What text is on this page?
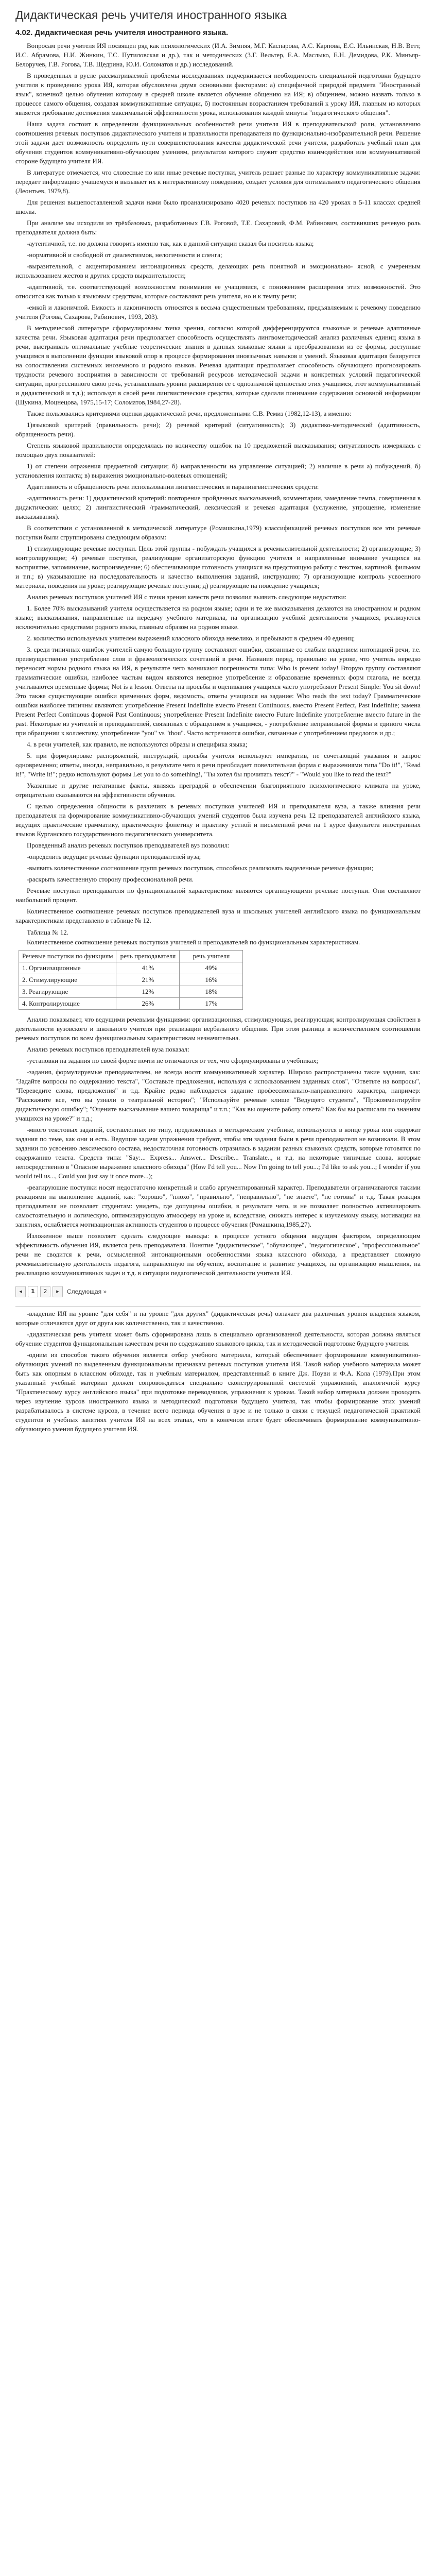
Дидактическая речь учителя иностранного языка
4.02. Дидактическая речь учителя иностранного языка.

Вопросам речи учителя ИЯ посвящен ряд как психологических (И.А. Зимняя, М.Г. Каспарова, А.С. Карпова, Е.С. Ильинская, Н.В. Ветт, И.С. Абрамова, Н.И. Жинкин, Т.С. Путиловская и др.), так и методических (З.Г. Вельтер, Е.А. Маслыко, Е.Н. Демидова, Р.К. Минъяр-Белоручев, Г.В. Рогова, Т.В. Щедрина, Ю.И. Соломатов и др.) исследований.

В проведенных в русле рассматриваемой проблемы исследованиях подчеркивается необходимость специальной подготовки будущего учителя к проведению урока ИЯ, которая обусловлена двумя основными факторами: а) специфичной природой предмета "Иностранный язык", конечной целью обучения которому в средней школе является обучение общению на ИЯ; в) общением, можно назвать только в процессе самого общения, создавая коммуникативные ситуации, б) постоянным возрастанием требований к уроку ИЯ, главным из которых является требование достижения максимальной эффективности урока, использования каждой минуты "педагогического общения".

Наша задача состоит в определении функциональных особенностей речи учителя ИЯ в преподавательской роли, установлению соотношения речевых поступков дидактического учителя и правильности преподавателя по функционально-изобразительной речи. Решение этой задачи дает возможность определить пути совершенствования качества дидактической речи учителя, разработать учебный план для обучения студентов коммуникативно-обучающим умениям, результатом которого служит средство взаимодействия или коммуникативной стороне будущего учителя ИЯ.

В литературе отмечается, что словесные по или иные речевые поступки, учитель решает разные по характеру коммуникативные задачи: передает информацию учащемуся и вызывает их к интерактивному поведению, создает условия для оптимального педагогического общения (Леонтьев, 1979,8).

Для решения вышепоставленной задачи нами было проанализировано 4020 речевых поступков на 420 уроках в 5-11 классах средней школы.

При анализе мы исходили из трёхбазовых, разработанных Г.В. Роговой, Т.Е. Сахаровой, Ф.М. Рабинович, составивших речевую роль преподавателя должна быть:

-аутентичной, т.е. по должна говорить именно так, как в данной ситуации сказал бы носитель языка;

-нормативной и свободной от диалектизмов, нелогичности и сленга;

-выразительной, с акцентированием интонационных средств, делающих речь понятной и эмоционально- ясной, с умеренным использованием жестов и других средств выразительности;

-адаптивной, т.е. соответствующей возможностям понимания ее учащимися, с понижением расширения этих возможностей. Это относится как только к языковым средствам, которые составляют речь учителя, но и к темпу речи;

-емкой и лаконичной. Емкость и лаконичность относятся к весьма существенным требованиям, предъявляемым к речевому поведению учителя (Рогова, Сахарова, Рабинович, 1993, 203).

В методической литературе сформулированы точка зрения, согласно которой дифференцируются языковые и речевые адаптивные качества речи. Языковая адаптация речи предполагает способность осуществлять лингвометодический анализ различных единиц языка в речи, выстраивать оптимальные учебные теоретические знания в данных языковые языки к преобразованиям из ее формы, доступные учащимся в выполнении функции языковой опор в процессе формирования иноязычных навыков и умений. Языковая адаптация базируется на сопоставлении системных иноземного и родного языков. Речевая адаптация предполагает способность обучающего прогнозировать трудности речевого восприятия в зависимости от требований ресурсов методической задачи и конкретных условий педагогической ситуации, прогрессивного свою речь, устанавливать уровни расширения ее с однозначной ценностью этих учащимся, этот коммуникативный и дидактический и т.д.); используя в своей речи лингвистические средства, которые сделали понимание содержания основной информации (Щукина, Моцнецова, 1975,15-17; Соломатов,1984,27-28).

Также пользовались критериями оценки дидактической речи, предложенными С.В. Ремиз (1982,12-13), а именно:

1)языковой критерий (правильность речи); 2) речевой критерий (ситуативность); 3) дидактико-методический (адаптивность, обращенность речи).

Степень языковой правильности определялась по количеству ошибок на 10 предложений высказывания; ситуативность измерялась с помощью двух показателей:

1) от степени отражения предметной ситуации; б) направленности на управление ситуацией; 2) наличие в речи а) побуждений, б) установления контакта; в) выражения эмоционально-волевых отношений;

Адаптивность и обращенность речи использовании лингвистических и паралингвистических средств:

-адаптивность речи: 1) дидактический критерий: повторение пройденных высказываний, комментарии, замедление темпа, совершенная в дидактических целях; 2) лингвистический /грамматический, лексический и речевая адаптация (услужение, упрощение, изменение высказывания).

В соответствии с установленной в методической литературе (Ромашкина,1979) классификацией речевых поступков все эти речевые поступки были сгруппированы следующим образом:

1) стимулирующие речевые поступки. Цель этой группы - побуждать учащихся к речемыслительной деятельности; 2) организующие; 3) контролирующие; 4) речевые поступки, реализующие организаторскую функцию учителя и направленные внимание учащихся на восприятие, запоминание, воспроизведение; 6) обеспечивающие готовность учащихся на предстоящую работу с текстом, картиной, фильмом и т.п.; в) указывающие на последовательность и качество выполнения заданий, инструкцию; 7) организующие контроль усвоенного материала, поведения на уроке; реагирующие речевые поступки; д) реагирующие на поведение учащихся;

Анализ речевых поступков учителей ИЯ с точки зрения качеств речи позволил выявить следующие недостатки:

1. Более 70% высказываний учителя осуществляется на родном языке; одни и те же высказывания делаются на иностранном и родном языке; высказывания, направленные на передачу учебного материала, на организацию учебной деятельности учащихся, реализуются исключительно средствами родного языка, главным образом на родном языке.

2. количество используемых учителем выражений классного обихода невелико, и пребывают в среднем 40 единиц;

3. среди типичных ошибок учителей самую большую группу составляют ошибки, связанные со слабым владением интонацией речи, т.е. преимущественно употребление слов и фразеологических сочетаний в речи. Названия перед, правильно на уроке, что учитель нередко переносит нормы родного языка на ИЯ, в результате чего возникают погрешности типа: Who is present today! Вторую группу составляют грамматические ошибки, наиболее частым видом являются неверное употребление и образование временных форм глагола, не всегда учитываются временные формы; Not is a lesson. Ответы на просьбы и оценивания учащихся часто употребляют Present Simple: You sit down! Это также существующие ошибки временных форм, ведомость, ответы учащихся на задание: Who reads the text today? Грамматические ошибки наиболее типичны являются: употребление Present Indefinite вместо Present Continuous, вместо Present Perfect, Past Indefinite; замена Present Perfect Continuous формой Past Continuous; употребление Present Indefinite вместо Future Indefinite употребление вместо future in the past. Некоторые из учителей и преподавателей, связанных с обращением к учащимся, - употребление неправильной формы и единого числа при обращении к коллективу, употребление "you" vs "thou". Часто встречаются ошибки, связанные с употреблением предлогов и др.;

4. в речи учителей, как правило, не используются образы и специфика языка;

5. при формулировке распоряжений, инструкций, просьбы учителя используют императив, не сочетающий указания и запрос одновременно; ответы, иногда, неправильно, в результате чего в речи преобладает повелительная форма с выражениями типа "Do it!", "Read it!", "Write it!"; редко используют формы Let you to do something!, "Ты хотел бы прочитать текст?" - "Would you like to read the text?"

Указанные и другие негативные факты, являясь преградой в обеспечении благоприятного психологического климата на уроке, отрицательно сказываются на эффективности обучения.

С целью определения общности в различиях в речевых поступков учителей ИЯ и преподавателя вуза, а также влияния речи преподавателя на формирование коммуникативно-обучающих умений студентов была изучена речь 12 преподавателей английского языка, ведущих практические грамматику, практическую фонетику и практику устной и письменной речи на 1 курсе факультета иностранных языков Курганского государственного педагогического университета.

Проведенный анализ речевых поступков преподавателей вуз позволил:

-определить ведущие речевые функции преподавателей вуза;

-выявить количественное соотношение групп речевых поступков, способных реализовать выделенные речевые функции;

-раскрыть качественную сторону профессиональной речи.

Речевые поступки преподавателя по функциональной характеристике являются организующими речевые поступки. Они составляют наибольший процент.

Количественное соотношение речевых поступков преподавателей вуза и школьных учителей английского языка по функциональным характеристикам представлено в таблице № 12.

Таблица № 12.
Количественное соотношение речевых поступков учителей и преподавателей по функциональным характеристикам.
Речевые поступки по функциям	речь преподавателя	речь учителя
1. Организационные	41%	49%
2. Стимулирующие	21%	16%
3. Реагирующие	12%	18%
4. Контролирующие	26%	17%

Анализ показывает, что ведущими речевыми функциями: организационная, стимулирующая, реагирующая; контролирующая свойствен в деятельности вузовского и школьного учителя при реализации вербального общения. При этом разница в количественном соотношении речевых поступков по всем функциональным характеристикам незначительна.

Анализ речевых поступков преподавателей вуза показал:

-установки на задания по своей форме почти не отличаются от тех, что сформулированы в учебниках;

-задания, формулируемые преподавателем, не всегда носят коммуникативный характер. Широко распространены такие задания, как: "Задайте вопросы по содержанию текста", "Составьте предложения, используя с использованием заданных слов", "Ответьте на вопросы", "Переведите слова, предложения" и т.д. Крайне редко наблюдается задание профессионально-направленного характера, например: "Расскажите все, что вы узнали о театральной истории"; "Используйте речевые клише "Ведущего студента", "Прокомментируйте дидактическую ошибку"; "Оцените высказывание вашего товарища" и т.п.; "Как вы оцените работу ответа? Как бы вы расписали по знаниям учащихся на уроке?" и т.д.;

-много текстовых заданий, составленных по типу, предложенных в методическом учебнике, используются в конце урока или содержат задания по теме, как они и есть. Ведущие задачи упражнения требуют, чтобы эти задания были в речи преподавателя не возникали. В этом задании по усвоению лексического состава, недостаточная готовность отразилась в задании разных языковых средств, которые готовятся по содержанию текста. Средств типа: "Say:... Express... Answer... Describe... Translate.., и т.д. на некоторые типичные слова, которые непосредственно в "Опасное выражение классного обихода" (How I'd tell you... Now I'm going to tell you...; I'd like to ask you...; I wonder if you would tell us..., Could you just say it once more...);

-реагирующие поступки носят недостаточно конкретный и слабо аргументированный характер. Преподаватели ограничиваются такими реакциями на выполнение заданий, как: "хорошо", "плохо", "правильно", "неправильно", "не знаете", "не готовы" и т.д. Такая реакция преподавателя не позволяет студентам: увидеть, где допущены ошибки, в результате чего, и не позволяет полностью активизировать самостоятельную и логическую, оптимизирующую атмосферу на уроке и, вследствие, снижать интерес к изучаемому языку, мотивации на занятиях, ослабляется мотивационная активность студентов в процессе обучения (Ромашкина,1985,27).

Изложенное выше позволяет сделать следующие выводы: в процессе устного общения ведущим фактором, определяющим эффективность обучения ИЯ, является речь преподавателя. Понятие "дидактическое", "обучающее", "педагогическое", "профессиональное" речи не сводится к речи, осмысленной интонационными особенностями языка классного обихода, а представляет сложную речемыслительную деятельность педагога, направленную на обучение, воспитание и развитие учащихся, на организацию мышления, на реализацию коммуникативных задач и т.д. в ситуации педагогической деятельности учителя ИЯ.

◂	1	2	▸	Следующая »

-владение ИЯ на уровне "для себя" и на уровне "для других" (дидактическая речь) означает два различных уровня владения языком, которые отличаются друг от друга как количественно, так и качественно.

-дидактическая речь учителя может быть сформирована лишь в специально организованной деятельности, которая должна являться обучение студентов функциональным качествам речи по содержанию языкового цикла, так и методической подготовке будущего учителя.

-одним из способов такого обучения является отбор учебного материала, который обеспечивает формирование коммуникативно-обучающих умений по выделенным функциональным признакам речевых поступков учителя ИЯ. Такой набор учебного материала может быть как опорным в классном обиходе, так и учебным материалом, представленный в книге Дж. Поуви и Ф.А. Кола (1979).При этом указанный учебный материал должен сопровождаться специально сконструированной системой упражнений, аналогичной курсу "Практическому курсу английского языка" при подготовке переводчиков, упражнения к урокам. Такой набор материала должен проходить через изучение курсов иностранного языка и методической подготовки будущего учителя, так чтобы формирование этих умений разрабатывалось в системе курсов, в течение всего периода обучения в вузе и не только в связи с текущей педагогической практикой студентов и учебных занятиях учителя ИЯ на всех этапах, что в конечном итоге будет обеспечивать формирование коммуникативно-обучающего умения будущего учителя ИЯ.
